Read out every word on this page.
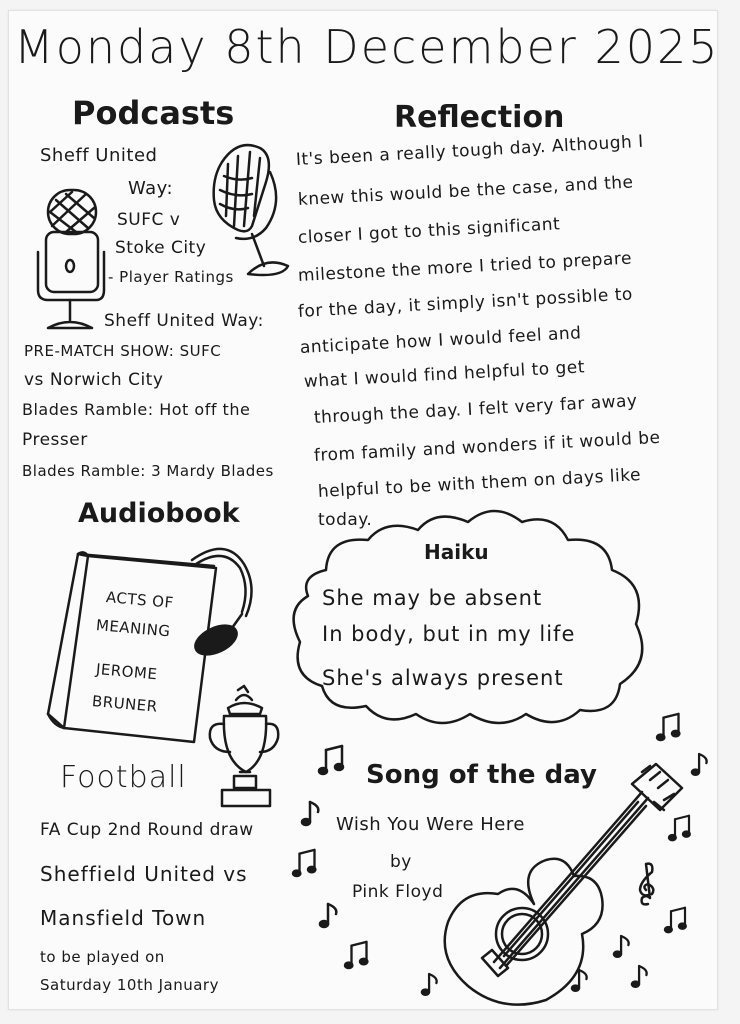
Monday 8th December 2025
Podcasts
Sheff United
Way:
SUFC v
Stoke City
- Player Ratings
Sheff United Way:
PRE-MATCH SHOW: SUFC
vs Norwich City
Blades Ramble: Hot off the
Presser
Blades Ramble: 3 Mardy Blades
Reflection
It's been a really tough day. Although I
knew this would be the case, and the
closer I got to this significant
milestone the more I tried to prepare
for the day, it simply isn't possible to
anticipate how I would feel and
what I would find helpful to get
through the day. I felt very far away
from family and wonders if it would be
helpful to be with them on days like
today.
Haiku
She may be absent
In body, but in my life
She's always present
Audiobook
ACTS OF
MEANING
JEROME
BRUNER
Football
FA Cup 2nd Round draw
Sheffield United vs
Mansfield Town
to be played on
Saturday 10th January
Song of the day
Wish You Were Here
by
Pink Floyd
